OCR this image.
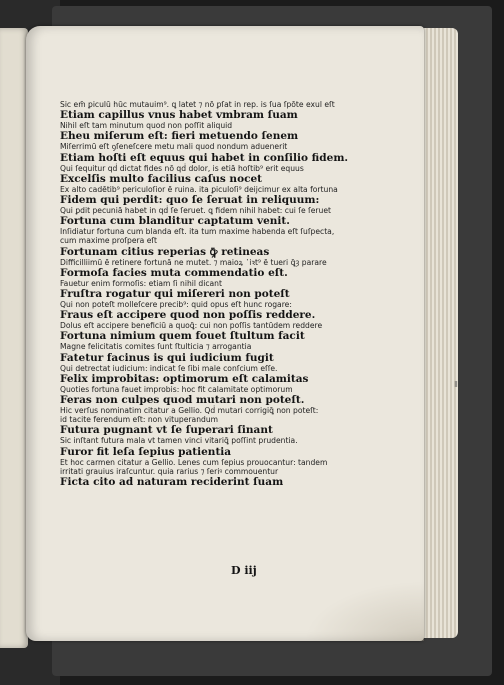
Sic em̄ ꝑiculū hūc mutauim⁹. ꝗ latet ⁊ nō ꝑſat in rep. is ſua ſpōte exul eſt
Etiam capillus vnus habet vmbram ſuam
Nihil eſt tam minutum quod non poſſit aliquid
Eheu miſerum eſt: fieri metuendo ſenem
Miſerrimū eſt ꝯſeneſcere metu mali quod nondum aduenerit
Etiam hoſti eſt equus qui habet in conſilio fidem.
Qui ſequitur qḋ dictat fides nō qḋ dolor, is etiā hoſtib⁹ erit equus
Excelſis multo facilius caſus nocet
Ex alto cadētib⁹ periculoſior ē ruina. ita ꝑiculoſi⁹ deijcimur ex alta fortuna
Fidem qui perdit: quo ſe ſeruat in reliquum:
Qui ꝑdit pecuniā habet in qḋ ſe ſeruet. ꝗ fidem nihil habet: cui ſe ſeruet
Fortuna cum blanditur captatum venit.
Inſidiatur fortuna cum blanda eſt. ita tum maxime habenda eſt ſuſpecta,
cum maxime proſpera eſt
Fortunam citius reperias ꝙ̄ retineas
Difficilliimū ē retinere fortunā ne mutet. ⁊ maioꝝ ῾iꝛt⁹ ē tueri ꝗ̄ȝ parare
Formoſa facies muta commendatio eſt.
Fauetur enim formoſis: etiam ſi nihil dicant
Fruſtra rogatur qui miſereri non poteſt
Qui non poteſt molleſcere precib⁹: quid opus eſt hunc rogare:
Fraus eſt accipere quod non poſſis reddere.
Dolus eſt accipere beneficiū a quoꝗ̄: cui non poſſis tantūdem reddere
Fortuna nimium quem fouet ſtultum facit
Magne felicitatis comites ſunt ſtulticia ⁊ arrogantia
Fatetur facinus is qui iudicium fugit
Qui detrectat iudicium: indicat ſe ſibi male conſcium eſſe.
Felix improbitas: optimorum eſt calamitas
Quoties fortuna fauet improbis: hoc fit calamitate optimorum
Feras non culpes quod mutari non poteſt.
Hic verſus nominatim citatur a Gellio. Qḋ mutari corrigiꝗ̄ non poteſt:
id tacite ferendum eſt: non vituperandum
Futura pugnant vt ſe ſuperari ſinant
Sic inſtant futura mala vt tamen vinci vitariꝗ̄ poſſint prudentia.
Furor fit leſa ſepius patientia
Et hoc carmen citatur a Gellio. Lenes cum ſepius prouocantur: tandem
irritati grauius iraſcuntur. quia rarius ⁊ ſeriꝰ commouentur
Ficta cito ad naturam reciderint ſuam
D iij
ǁ
